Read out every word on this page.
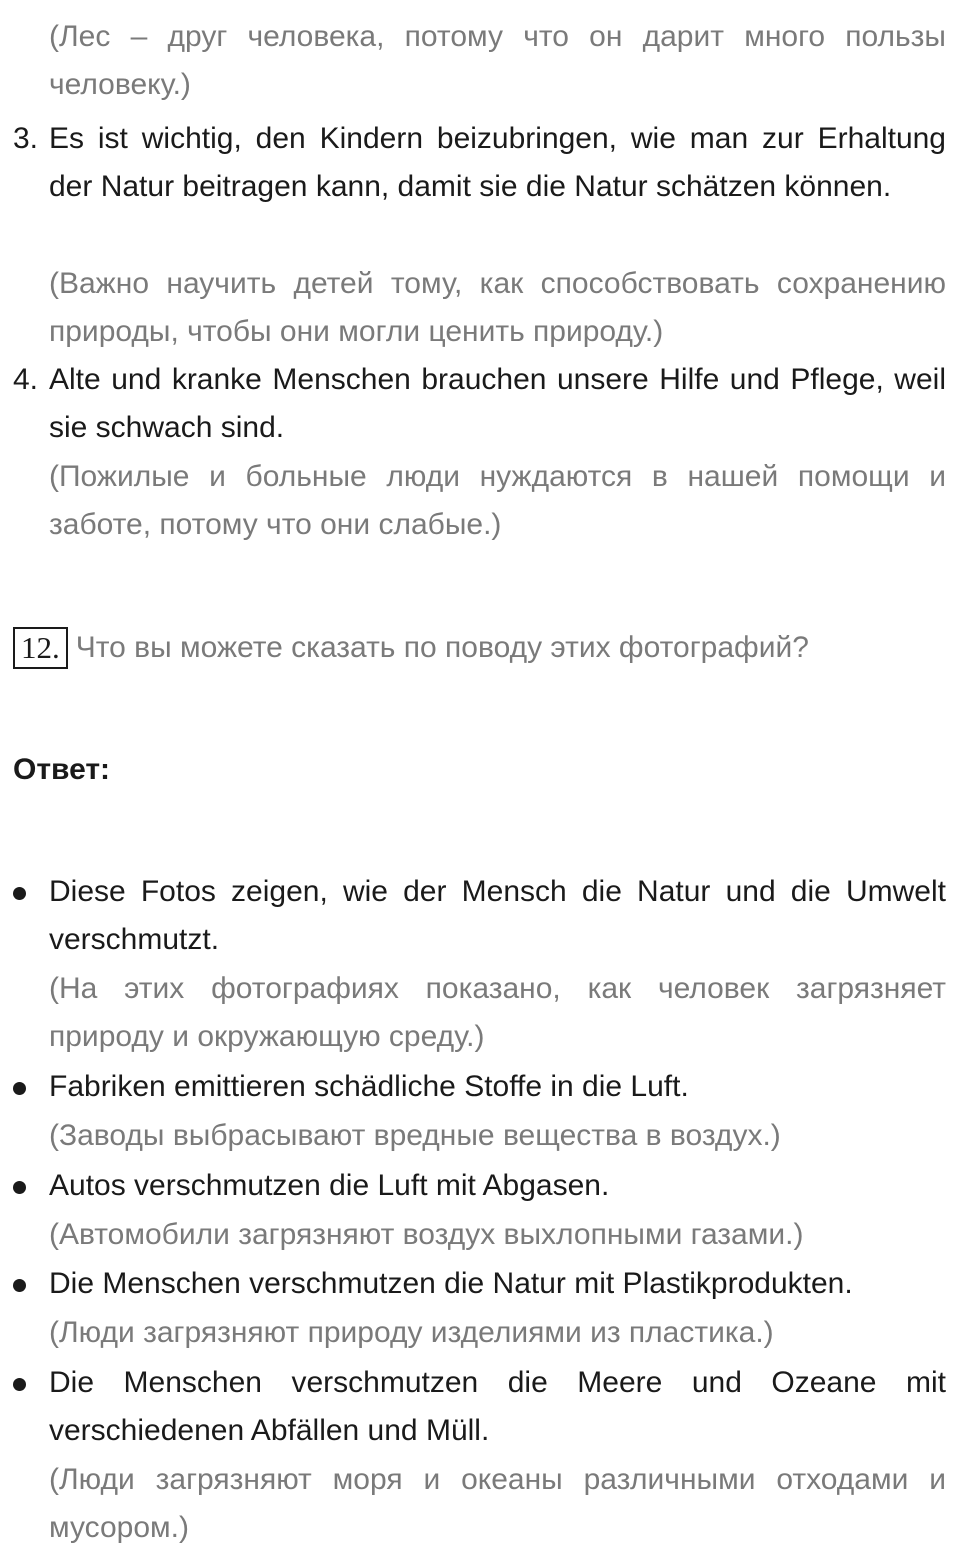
(Лес – друг человека, потому что он дарит много пользы человеку.)
3. Es ist wichtig, den Kindern beizubringen, wie man zur Erhaltung der Natur beitragen kann, damit sie die Natur schätzen können.
(Важно научить детей тому, как способствовать сохранению природы, чтобы они могли ценить природу.)
4. Alte und kranke Menschen brauchen unsere Hilfe und Pflege, weil sie schwach sind.
(Пожилые и больные люди нуждаются в нашей помощи и заботе, потому что они слабые.)
12. Что вы можете сказать по поводу этих фотографий?
Ответ:
Diese Fotos zeigen, wie der Mensch die Natur und die Umwelt verschmutzt.
(На этих фотографиях показано, как человек загрязняет природу и окружающую среду.)
Fabriken emittieren schädliche Stoffe in die Luft.
(Заводы выбрасывают вредные вещества в воздух.)
Autos verschmutzen die Luft mit Abgasen.
(Автомобили загрязняют воздух выхлопными газами.)
Die Menschen verschmutzen die Natur mit Plastikprodukten.
(Люди загрязняют природу изделиями из пластика.)
Die Menschen verschmutzen die Meere und Ozeane mit verschiedenen Abfällen und Müll.
(Люди загрязняют моря и океаны различными отходами и мусором.)
